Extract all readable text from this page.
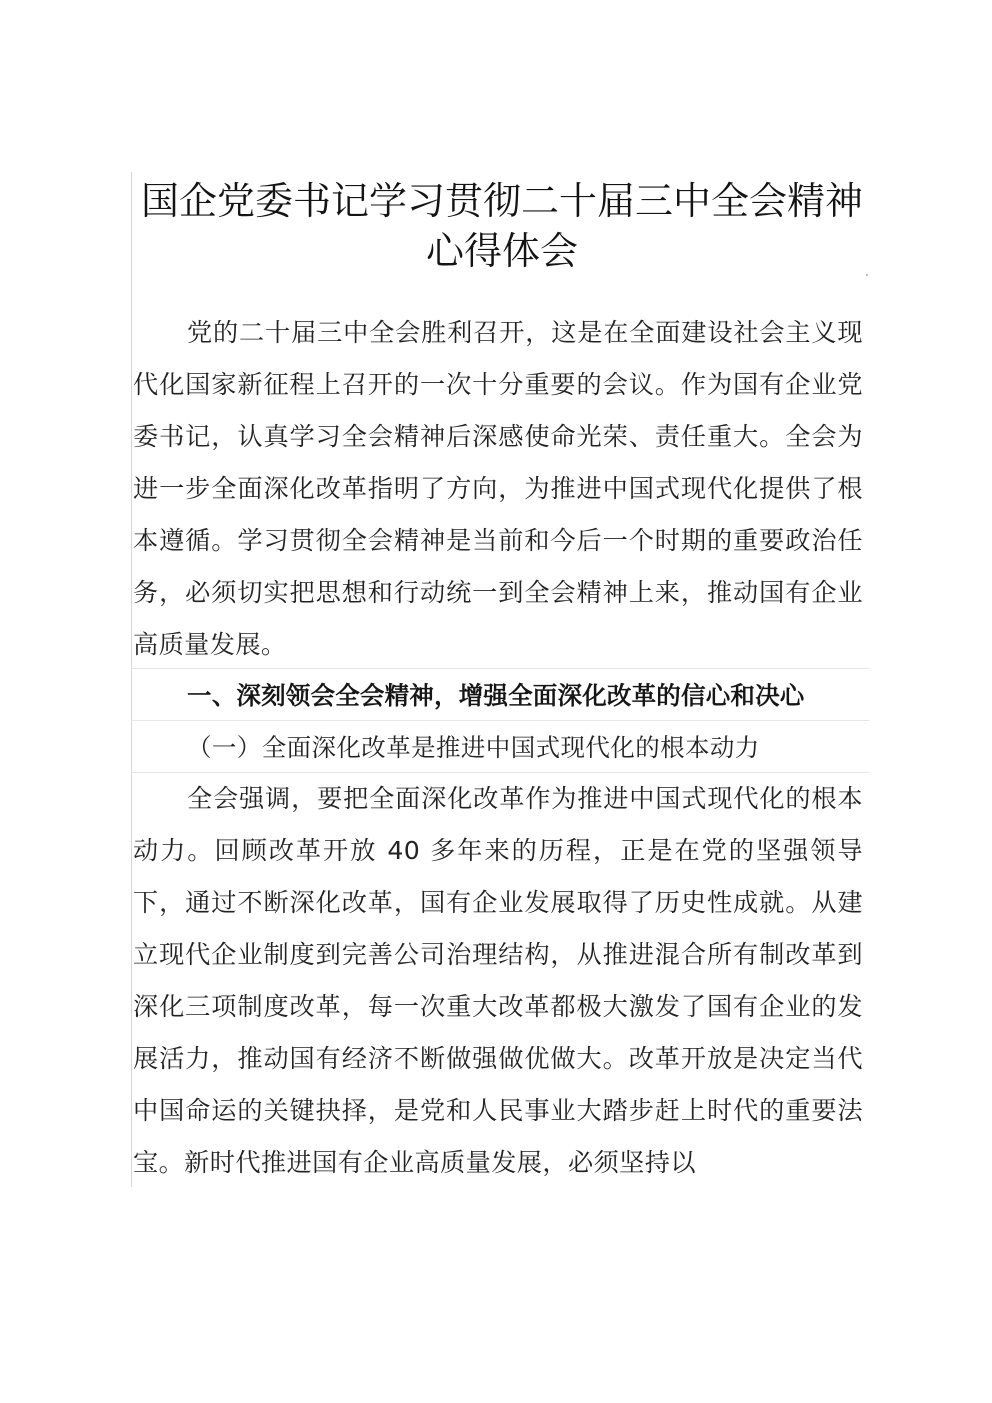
国企党委书记学习贯彻二十届三中全会精神心得体会

党的二十届三中全会胜利召开，这是在全面建设社会主义现代化国家新征程上召开的一次十分重要的会议。作为国有企业党委书记，认真学习全会精神后深感使命光荣、责任重大。全会为进一步全面深化改革指明了方向，为推进中国式现代化提供了根本遵循。学习贯彻全会精神是当前和今后一个时期的重要政治任务，必须切实把思想和行动统一到全会精神上来，推动国有企业高质量发展。

一、深刻领会全会精神，增强全面深化改革的信心和决心
（一）全面深化改革是推进中国式现代化的根本动力

全会强调，要把全面深化改革作为推进中国式现代化的根本动力。回顾改革开放 40 多年来的历程，正是在党的坚强领导下，通过不断深化改革，国有企业发展取得了历史性成就。从建立现代企业制度到完善公司治理结构，从推进混合所有制改革到深化三项制度改革，每一次重大改革都极大激发了国有企业的发展活力，推动国有经济不断做强做优做大。改革开放是决定当代中国命运的关键抉择，是党和人民事业大踏步赶上时代的重要法宝。新时代推进国有企业高质量发展，必须坚持以
